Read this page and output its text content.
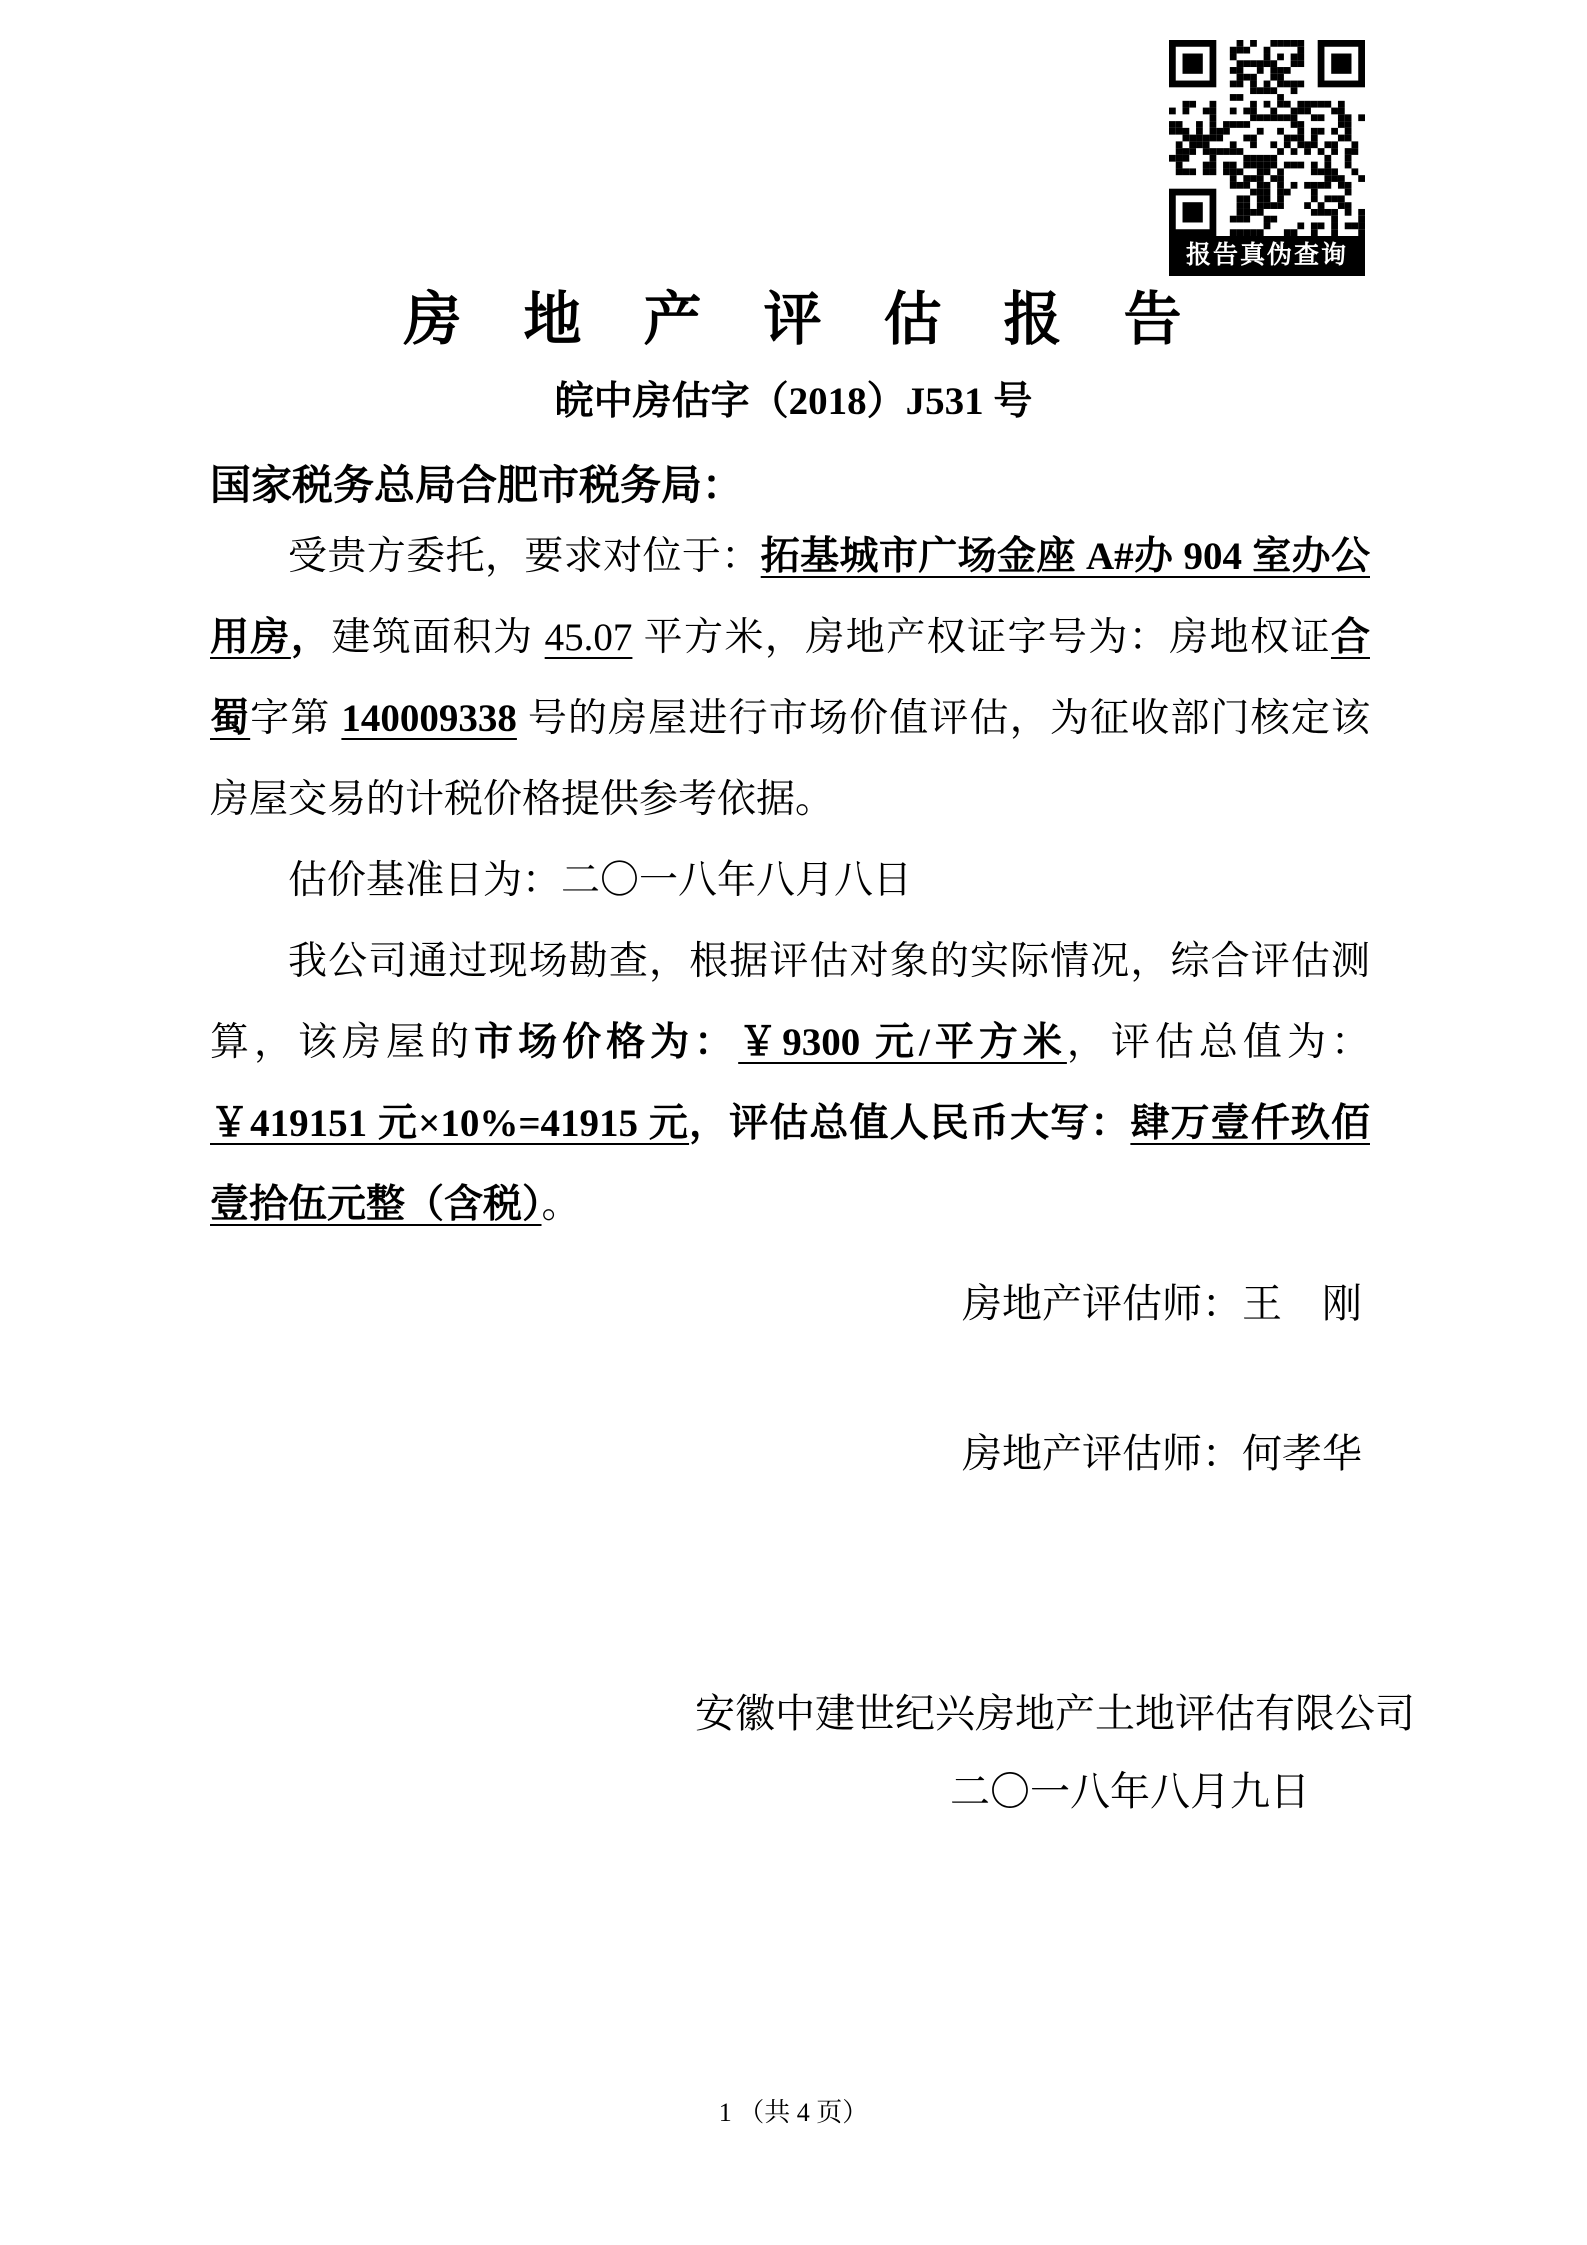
报告真伪查询
房　地　产　评　估　报　告
皖中房估字（2018）J531 号
国家税务总局合肥市税务局：

受贵方委托，要求对位于：拓基城市广场金座 A#办 904 室办公用房，建筑面积为 45.07 平方米，房地产权证字号为：房地权证合蜀字第 140009338 号的房屋进行市场价值评估，为征收部门核定该房屋交易的计税价格提供参考依据。

估价基准日为：二〇一八年八月八日

我公司通过现场勘查，根据评估对象的实际情况，综合评估测算，该房屋的市场价格为：￥9300 元/平方米，评估总值为：￥419151 元×10%=41915 元，评估总值人民币大写：肆万壹仟玖佰壹拾伍元整（含税）。

房地产评估师：王　刚
房地产评估师：何孝华
安徽中建世纪兴房地产土地评估有限公司
二〇一八年八月九日
1 （共 4 页）
